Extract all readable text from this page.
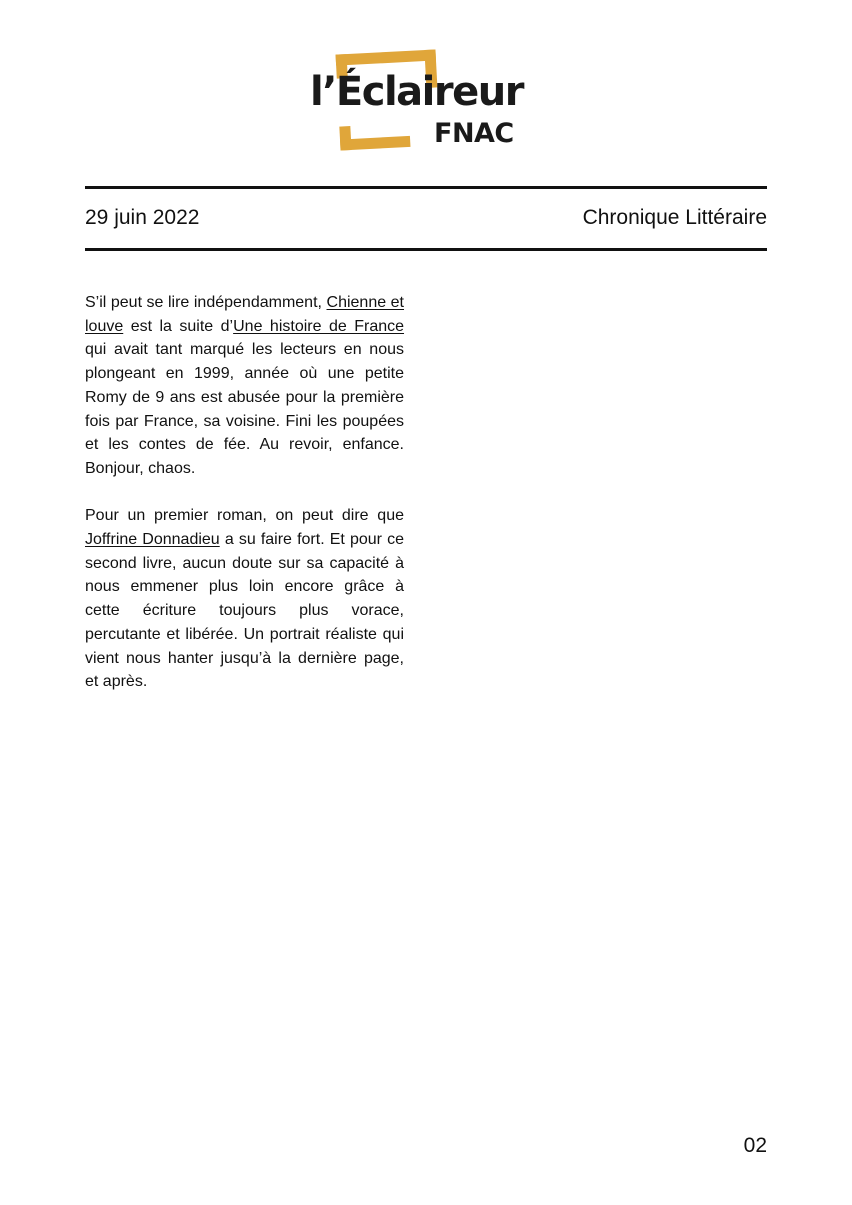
l’Éclaireur
FNAC
29 juin 2022	Chronique Littéraire

S’il peut se lire indépendamment, Chienne et louve est la suite d’Une histoire de France qui avait tant marqué les lecteurs en nous plongeant en 1999, année où une petite Romy de 9 ans est abusée pour la première fois par France, sa voisine. Fini les poupées et les contes de fée. Au revoir, enfance. Bonjour, chaos.

Pour un premier roman, on peut dire que Joffrine Donnadieu a su faire fort. Et pour ce second livre, aucun doute sur sa capacité à nous emmener plus loin encore grâce à cette écriture toujours plus vorace, percutante et libérée. Un portrait réaliste qui vient nous hanter jusqu’à la dernière page, et après.

02
